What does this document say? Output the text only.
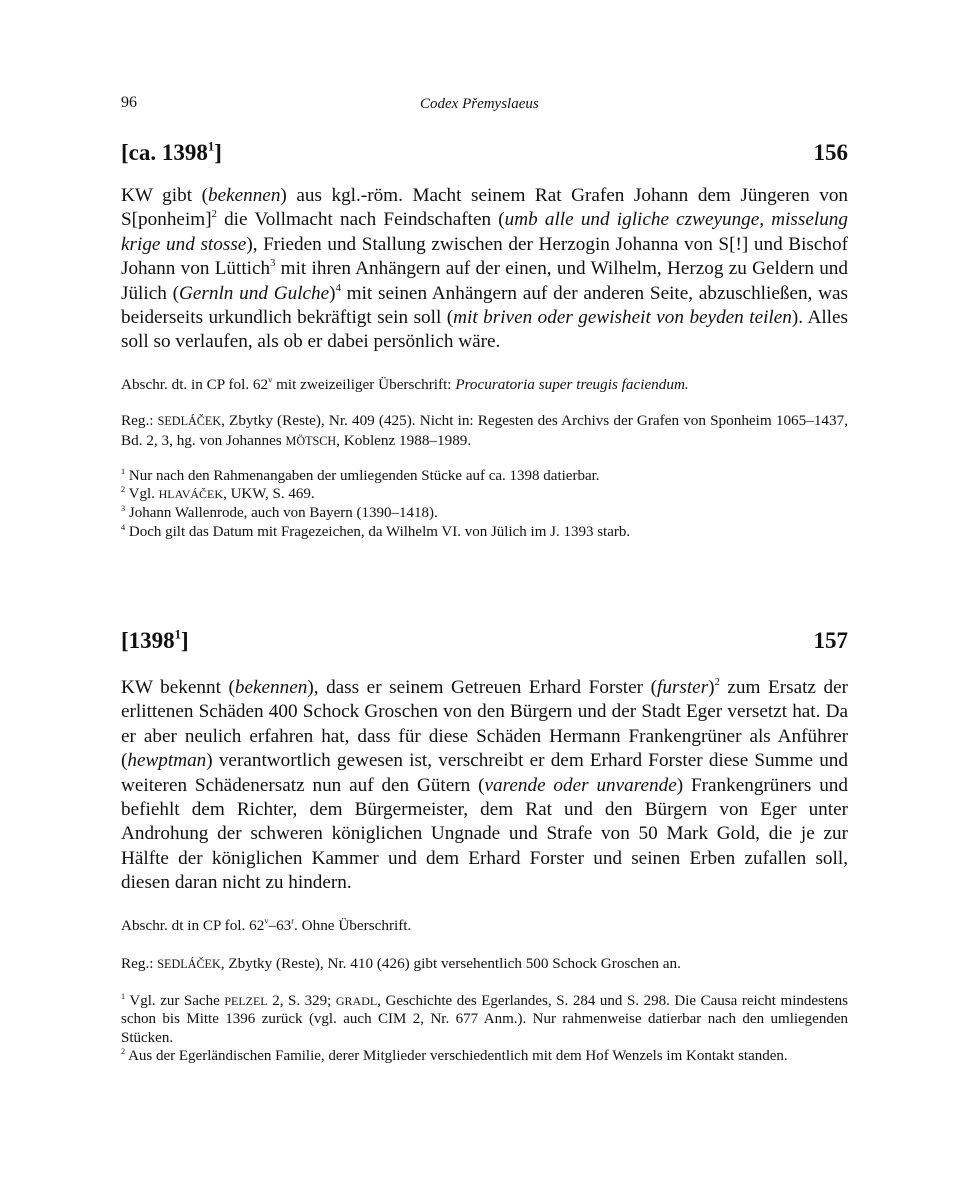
96	Codex Přemyslaeus
[ca. 1398$^1$]	156

KW gibt (bekennen) aus kgl.-röm. Macht seinem Rat Grafen Johann dem Jüngeren von S[ponheim]$^2$ die Vollmacht nach Feindschaften (umb alle und igliche czweyunge, misselung krige und stosse), Frieden und Stallung zwischen der Herzogin Johanna von S[!] und Bischof Johann von Lüttich$^3$ mit ihren Anhängern auf der einen, und Wilhelm, Herzog zu Geldern und Jülich (Gernln und Gulche)$^4$ mit seinen Anhängern auf der anderen Seite, abzuschließen, was beiderseits urkundlich bekräftigt sein soll (mit briven oder gewisheit von beyden teilen). Alles soll so verlaufen, als ob er dabei persönlich wäre.

Abschr. dt. in CP fol. 62$^v$ mit zweizeiliger Überschrift: Procuratoria super treugis faciendum.

Reg.: SEDLÁČEK, Zbytky (Reste), Nr. 409 (425). Nicht in: Regesten des Archivs der Grafen von Sponheim 1065–1437, Bd. 2, 3, hg. von Johannes MÖTSCH, Koblenz 1988–1989.

$^1$ Nur nach den Rahmenangaben der umliegenden Stücke auf ca. 1398 datierbar.
$^2$ Vgl. HLAVÁČEK, UKW, S. 469.
$^3$ Johann Wallenrode, auch von Bayern (1390–1418).
$^4$ Doch gilt das Datum mit Fragezeichen, da Wilhelm VI. von Jülich im J. 1393 starb.
[1398$^1$]	157

KW bekennt (bekennen), dass er seinem Getreuen Erhard Forster (furster)$^2$ zum Ersatz der erlittenen Schäden 400 Schock Groschen von den Bürgern und der Stadt Eger versetzt hat. Da er aber neulich erfahren hat, dass für diese Schäden Hermann Frankengrüner als Anführer (hewptman) verantwortlich gewesen ist, verschreibt er dem Erhard Forster diese Summe und weiteren Schädenersatz nun auf den Gütern (varende oder unvarende) Frankengrüners und befiehlt dem Richter, dem Bürgermeister, dem Rat und den Bürgern von Eger unter Androhung der schweren königlichen Ungnade und Strafe von 50 Mark Gold, die je zur Hälfte der königlichen Kammer und dem Erhard Forster und seinen Erben zufallen soll, diesen daran nicht zu hindern.

Abschr. dt in CP fol. 62$^v$–63$^r$. Ohne Überschrift.

Reg.: SEDLÁČEK, Zbytky (Reste), Nr. 410 (426) gibt versehentlich 500 Schock Groschen an.

$^1$ Vgl. zur Sache PELZEL 2, S. 329; GRADL, Geschichte des Egerlandes, S. 284 und S. 298. Die Causa reicht mindestens schon bis Mitte 1396 zurück (vgl. auch CIM 2, Nr. 677 Anm.). Nur rahmenweise datierbar nach den umliegenden Stücken.
$^2$ Aus der Egerländischen Familie, derer Mitglieder verschiedentlich mit dem Hof Wenzels im Kontakt standen.
